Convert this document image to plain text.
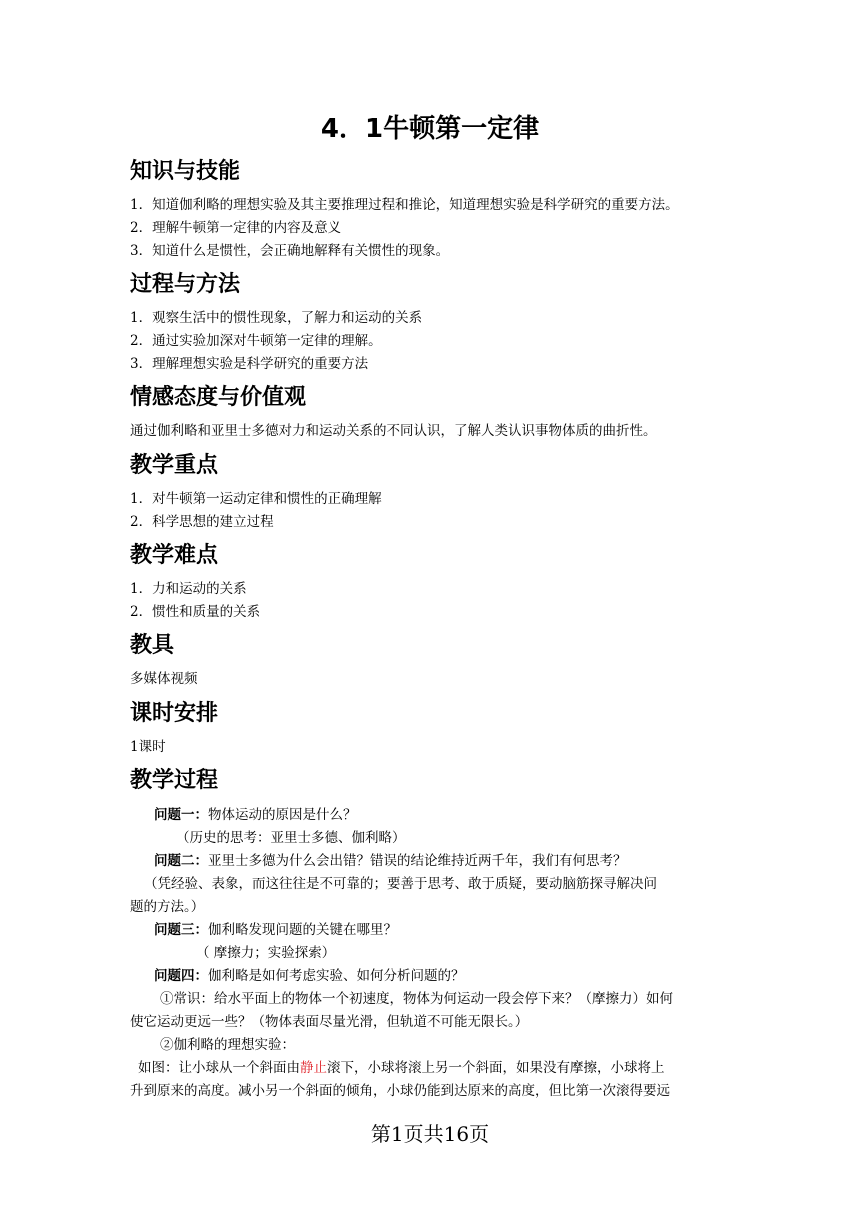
4．1牛顿第一定律
知识与技能
1．知道伽利略的理想实验及其主要推理过程和推论，知道理想实验是科学研究的重要方法。
2．理解牛顿第一定律的内容及意义
3．知道什么是惯性，会正确地解释有关惯性的现象。
过程与方法
1．观察生活中的惯性现象，了解力和运动的关系
2．通过实验加深对牛顿第一定律的理解。
3．理解理想实验是科学研究的重要方法
情感态度与价值观
通过伽利略和亚里士多德对力和运动关系的不同认识，了解人类认识事物体质的曲折性。
教学重点
1．对牛顿第一运动定律和惯性的正确理解
2．科学思想的建立过程
教学难点
1．力和运动的关系
2．惯性和质量的关系
教具
多媒体视频
课时安排
1课时
教学过程
问题一：物体运动的原因是什么？
（历史的思考：亚里士多德、伽利略）
问题二：亚里士多德为什么会出错？错误的结论维持近两千年，我们有何思考？
（凭经验、表象，而这往往是不可靠的；要善于思考、敢于质疑，要动脑筋探寻解决问
题的方法。）
问题三：伽利略发现问题的关键在哪里？
（ 摩擦力；实验探索）
问题四：伽利略是如何考虑实验、如何分析问题的？
①常识：给水平面上的物体一个初速度，物体为何运动一段会停下来？（摩擦力）如何
使它运动更远一些？（物体表面尽量光滑，但轨道不可能无限长。）
②伽利略的理想实验：
如图：让小球从一个斜面由静止滚下，小球将滚上另一个斜面，如果没有摩擦，小球将上
升到原来的高度。减小另一个斜面的倾角，小球仍能到达原来的高度，但比第一次滚得要远
第1页共16页
